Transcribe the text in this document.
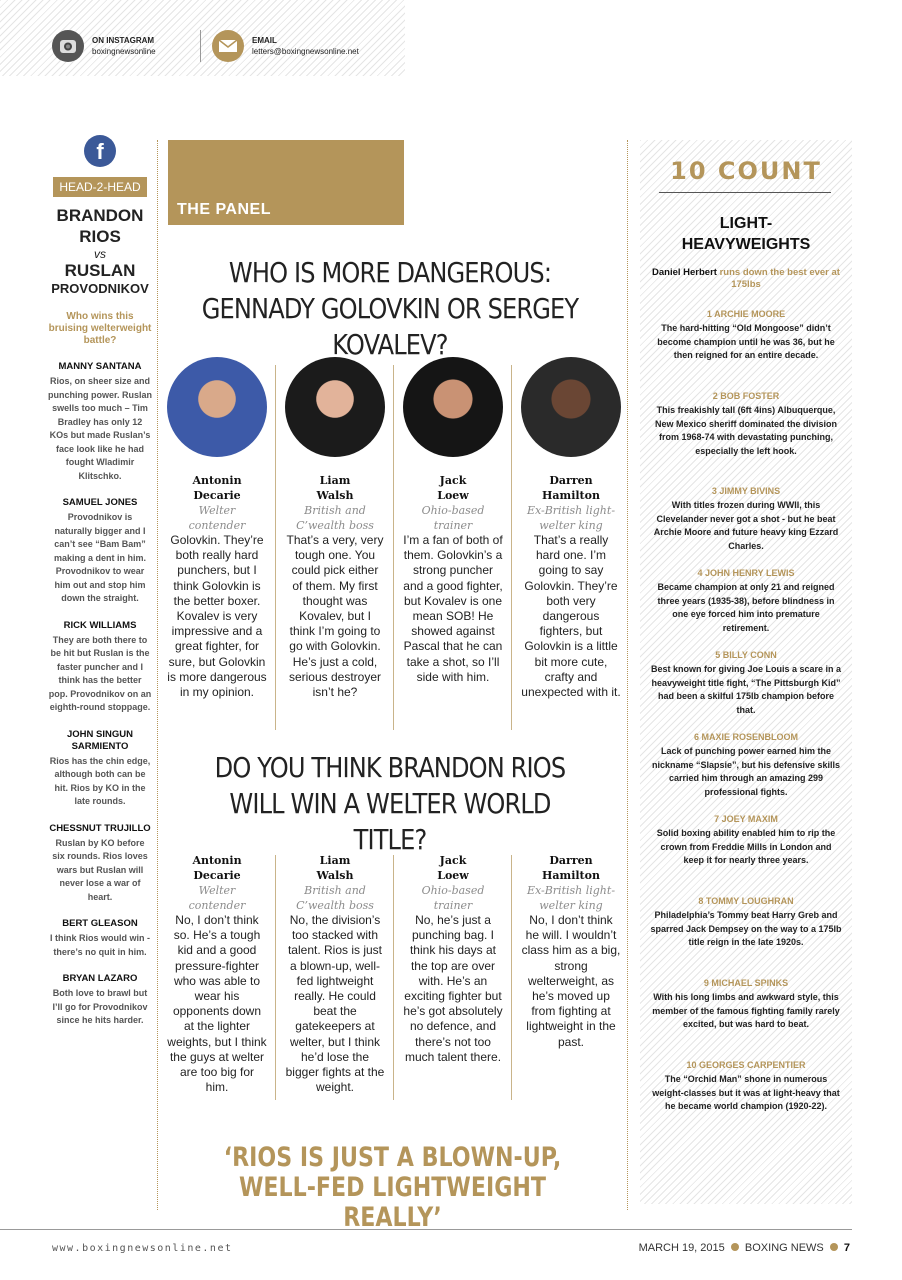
ON INSTAGRAM
boxingnewsonline
EMAIL
letters@boxingnewsonline.net
f
HEAD-2-HEAD
BRANDON RIOS
vs
RUSLAN
PROVODNIKOV
Who wins this bruising welterweight battle?
MANNY SANTANA
Rios, on sheer size and punching power. Ruslan swells too much – Tim Bradley has only 12 KOs but made Ruslan’s face look like he had fought Wladimir Klitschko.
SAMUEL JONES
Provodnikov is naturally bigger and I can’t see “Bam Bam” making a dent in him. Provodnikov to wear him out and stop him down the straight.
RICK WILLIAMS
They are both there to be hit but Ruslan is the faster puncher and I think has the better pop. Provodnikov on an eighth-round stoppage.
JOHN SINGUN SARMIENTO
Rios has the chin edge, although both can be hit. Rios by KO in the late rounds.
CHESSNUT TRUJILLO
Ruslan by KO before six rounds. Rios loves wars but Ruslan will never lose a war of heart.
BERT GLEASON
I think Rios would win - there’s no quit in him.
BRYAN LAZARO
Both love to brawl but I’ll go for Provodnikov since he hits harder.
THE PANEL
WHO IS MORE DANGEROUS: GENNADY GOLOVKIN OR SERGEY KOVALEV?
Antonin Decarie
Welter contender
Golovkin. They’re both really hard punchers, but I think Golovkin is the better boxer. Kovalev is very impressive and a great fighter, for sure, but Golovkin is more dangerous in my opinion.
Liam Walsh
British and C’wealth boss
That’s a very, very tough one. You could pick either of them. My first thought was Kovalev, but I think I’m going to go with Golovkin. He’s just a cold, serious destroyer isn’t he?
Jack Loew
Ohio-based trainer
I’m a fan of both of them. Golovkin’s a strong puncher and a good fighter, but Kovalev is one mean SOB! He showed against Pascal that he can take a shot, so I’ll side with him.
Darren Hamilton
Ex-British light-welter king
That’s a really hard one. I’m going to say Golovkin. They’re both very dangerous fighters, but Golovkin is a little bit more cute, crafty and unexpected with it.
DO YOU THINK BRANDON RIOS WILL WIN A WELTER WORLD TITLE?
Antonin Decarie
Welter contender
No, I don’t think so. He’s a tough kid and a good pressure-fighter who was able to wear his opponents down at the lighter weights, but I think the guys at welter are too big for him.
Liam Walsh
British and C’wealth boss
No, the division’s too stacked with talent. Rios is just a blown-up, well-fed lightweight really. He could beat the gatekeepers at welter, but I think he’d lose the bigger fights at the weight.
Jack Loew
Ohio-based trainer
No, he’s just a punching bag. I think his days at the top are over with. He’s an exciting fighter but he’s got absolutely no defence, and there’s not too much talent there.
Darren Hamilton
Ex-British light-welter king
No, I don’t think he will. I wouldn’t class him as a big, strong welterweight, as he’s moved up from fighting at lightweight in the past.
‘RIOS IS JUST A BLOWN-UP, WELL-FED LIGHTWEIGHT REALLY’
10 COUNT
LIGHT-
HEAVYWEIGHTS
Daniel Herbert runs down the best ever at 175lbs
1 ARCHIE MOORE
The hard-hitting “Old Mongoose” didn’t become champion until he was 36, but he then reigned for an entire decade.
2 BOB FOSTER
This freakishly tall (6ft 4ins) Albuquerque, New Mexico sheriff dominated the division from 1968-74 with devastating punching, especially the left hook.
3 JIMMY BIVINS
With titles frozen during WWII, this Clevelander never got a shot - but he beat Archie Moore and future heavy king Ezzard Charles.
4 JOHN HENRY LEWIS
Became champion at only 21 and reigned three years (1935-38), before blindness in one eye forced him into premature retirement.
5 BILLY CONN
Best known for giving Joe Louis a scare in a heavyweight title fight, “The Pittsburgh Kid” had been a skilful 175lb champion before that.
6 MAXIE ROSENBLOOM
Lack of punching power earned him the nickname “Slapsie”, but his defensive skills carried him through an amazing 299 professional fights.
7 JOEY MAXIM
Solid boxing ability enabled him to rip the crown from Freddie Mills in London and keep it for nearly three years.
8 TOMMY LOUGHRAN
Philadelphia’s Tommy beat Harry Greb and sparred Jack Dempsey on the way to a 175lb title reign in the late 1920s.
9 MICHAEL SPINKS
With his long limbs and awkward style, this member of the famous fighting family rarely excited, but was hard to beat.
10 GEORGES CARPENTIER
The “Orchid Man” shone in numerous weight-classes but it was at light-heavy that he became world champion (1920-22).
www.boxingnewsonline.net	MARCH 19, 2015 BOXING NEWS 7
